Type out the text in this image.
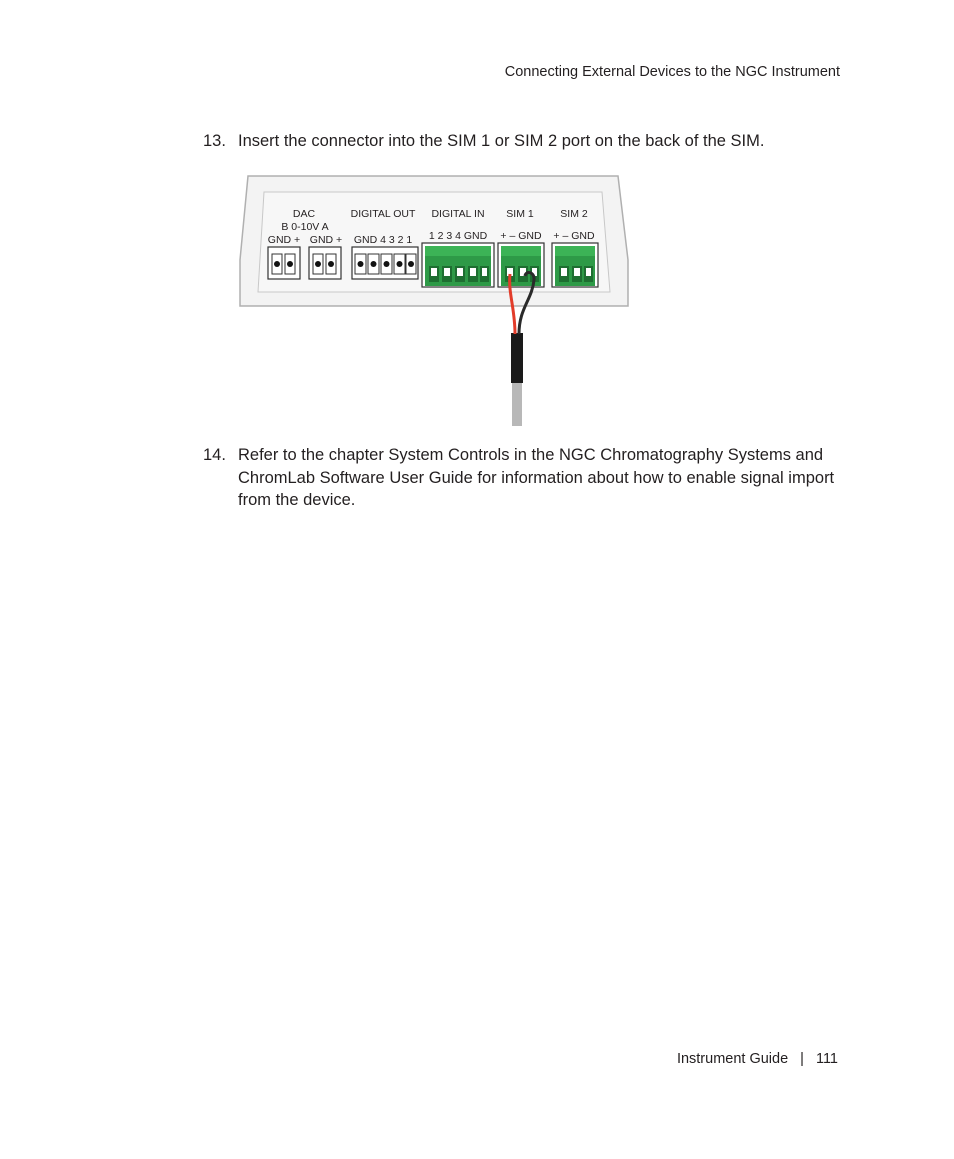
Connecting External Devices to the NGC Instrument
13. Insert the connector into the SIM 1 or SIM 2 port on the back of the SIM.
DAC
B 0-10V A
GND + GND +
DIGITAL OUT
GND 4 3 2 1
DIGITAL IN
1 2 3 4 GND
SIM 1
+ – GND
SIM 2
+ – GND
14. Refer to the chapter System Controls in the NGC Chromatography Systems and ChromLab Software User Guide for information about how to enable signal import from the device.
Instrument Guide | 111
